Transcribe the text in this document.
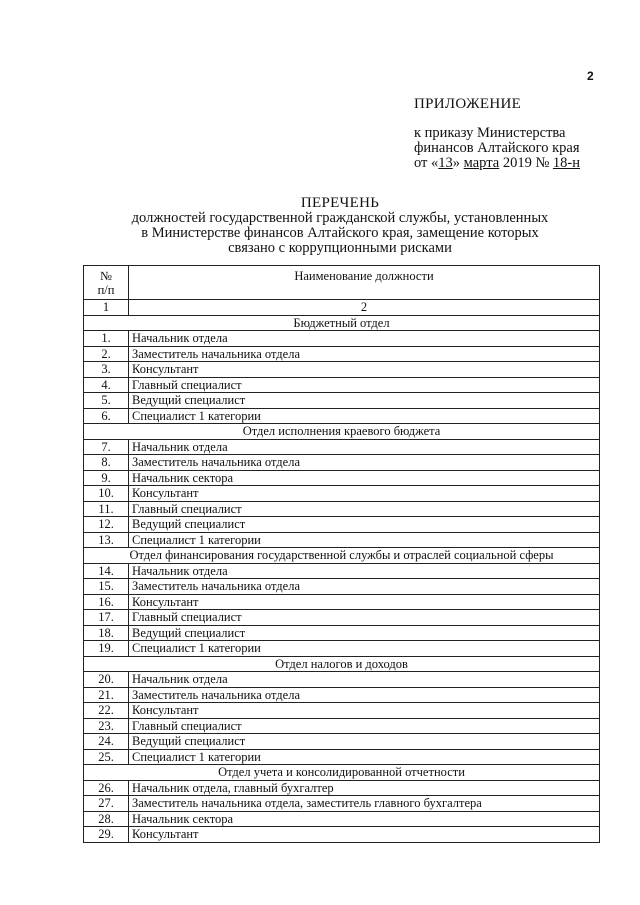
2
ПРИЛОЖЕНИЕ
к приказу Министерства
финансов Алтайского края
от «13» марта 2019 № 18-н
ПЕРЕЧЕНЬ
должностей государственной гражданской службы, установленных
в Министерстве финансов Алтайского края, замещение которых
связано с коррупционными рисками
№
п/п	Наименование должности
1	2
Бюджетный отдел	
1.	Начальник отдела
2.	Заместитель начальника отдела
3.	Консультант
4.	Главный специалист
5.	Ведущий специалист
6.	Специалист 1 категории
Отдел исполнения краевого бюджета	
7.	Начальник отдела
8.	Заместитель начальника отдела
9.	Начальник сектора
10.	Консультант
11.	Главный специалист
12.	Ведущий специалист
13.	Специалист 1 категории
Отдел финансирования государственной службы и отраслей социальной сферы	
14.	Начальник отдела
15.	Заместитель начальника отдела
16.	Консультант
17.	Главный специалист
18.	Ведущий специалист
19.	Специалист 1 категории
Отдел налогов и доходов	
20.	Начальник отдела
21.	Заместитель начальника отдела
22.	Консультант
23.	Главный специалист
24.	Ведущий специалист
25.	Специалист 1 категории
Отдел учета и консолидированной отчетности	
26.	Начальник отдела, главный бухгалтер
27.	Заместитель начальника отдела, заместитель главного бухгалтера
28.	Начальник сектора
29.	Консультант
